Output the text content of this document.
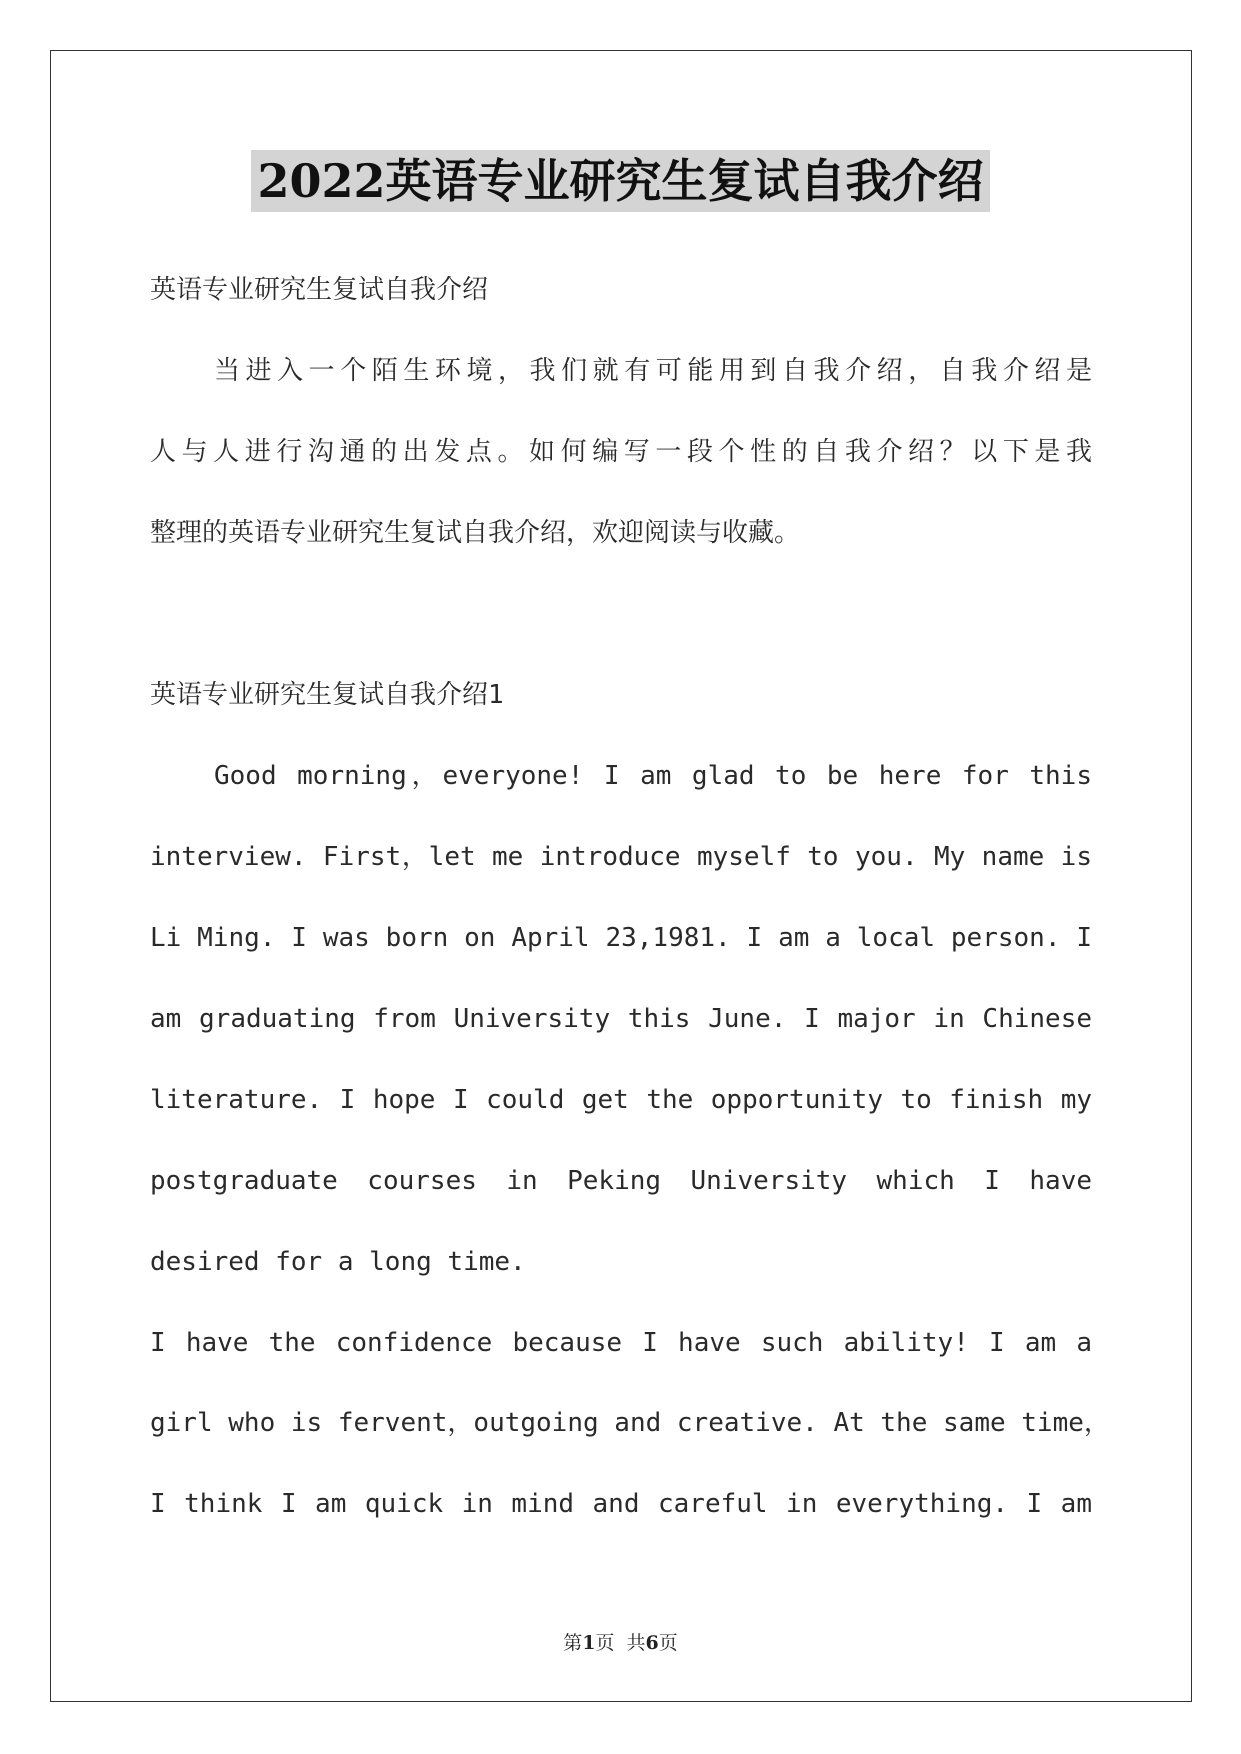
2022英语专业研究生复试自我介绍
英语专业研究生复试自我介绍
当进入一个陌生环境，我们就有可能用到自我介绍，自我介绍是
人与人进行沟通的出发点。如何编写一段个性的自我介绍？以下是我
整理的英语专业研究生复试自我介绍，欢迎阅读与收藏。
英语专业研究生复试自我介绍1
Good morning，everyone! I am glad to be here for this
interview. First，let me introduce myself to you. My name is
Li Ming. I was born on April 23,1981. I am a local person. I
am graduating from University this June. I major in Chinese
literature. I hope I could get the opportunity to finish my
postgraduate courses in Peking University which I have
desired for a long time.
I have the confidence because I have such ability! I am a
girl who is fervent，outgoing and creative. At the same time，
I think I am quick in mind and careful in everything. I am
第1页  共6页
